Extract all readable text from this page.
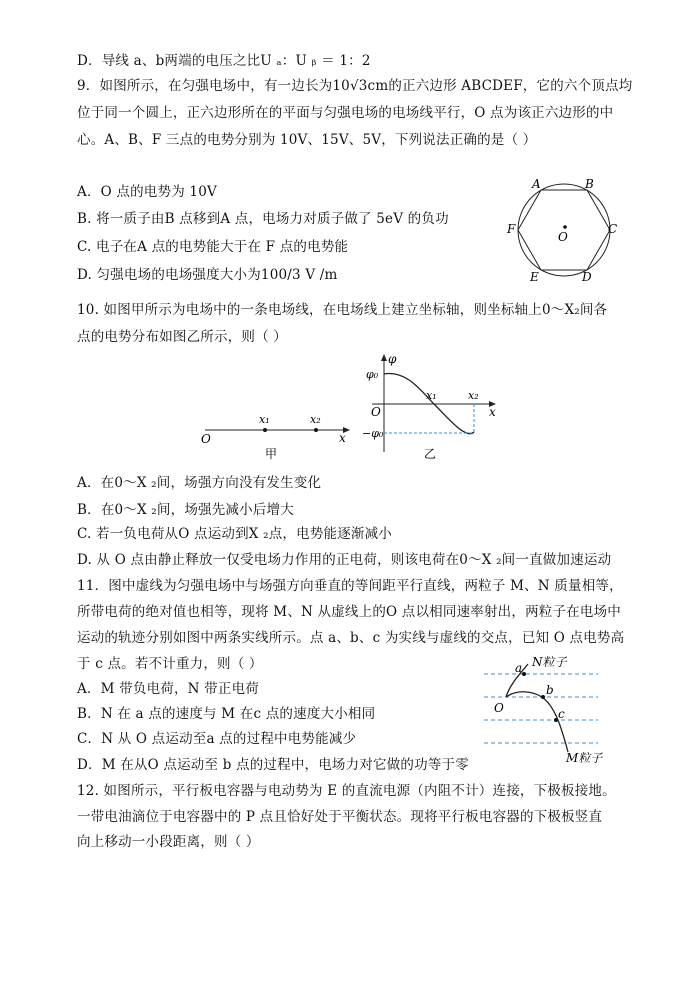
D．导线 a、b两端的电压之比U ₐ：U ᵦ ＝ 1：2
9．如图所示，在匀强电场中，有一边长为10√3cm的正六边形 ABCDEF，它的六个顶点均
位于同一个圆上，正六边形所在的平面与匀强电场的电场线平行，O 点为该正六边形的中
心。A、B、F 三点的电势分别为 10V、15V、5V，下列说法正确的是（ ）
A．O 点的电势为 10V
B. 将一质子由B 点移到A 点，电场力对质子做了 5eV 的负功
C. 电子在A 点的电势能大于在 F 点的电势能
D. 匀强电场的电场强度大小为100/3 V /m
10. 如图甲所示为电场中的一条电场线，在电场线上建立坐标轴，则坐标轴上0～X₂间各
点的电势分布如图乙所示，则（ ）
A．在0～X ₂间，场强方向没有发生变化
B．在0～X ₂间，场强先减小后增大
C. 若一负电荷从O 点运动到X ₂点，电势能逐渐减小
D. 从 O 点由静止释放一仅受电场力作用的正电荷，则该电荷在0～X ₂间一直做加速运动
11．图中虚线为匀强电场中与场强方向垂直的等间距平行直线，两粒子 M、N 质量相等，
所带电荷的绝对值也相等，现将 M、N 从虚线上的O 点以相同速率射出，两粒子在电场中
运动的轨迹分别如图中两条实线所示。点 a、b、c 为实线与虚线的交点，已知 O 点电势高
于 c 点。若不计重力，则（ ）
A．M 带负电荷，N 带正电荷
B．N 在 a 点的速度与 M 在c 点的速度大小相同
C．N 从 O 点运动至a 点的过程中电势能减少
D．M 在从O 点运动至 b 点的过程中，电场力对它做的功等于零
12. 如图所示，平行板电容器与电动势为 E 的直流电源（内阻不计）连接，下极板接地。
一带电油滴位于电容器中的 P 点且恰好处于平衡状态。现将平行板电容器的下极板竖直
向上移动一小段距离，则（ ）
A	B
C
D
E
F
O
O
x₁	x₂
x
甲
φ
φ₀
O
x₁	x₂
x
−φ₀
乙
a N粒子
b
O	c
M粒子
